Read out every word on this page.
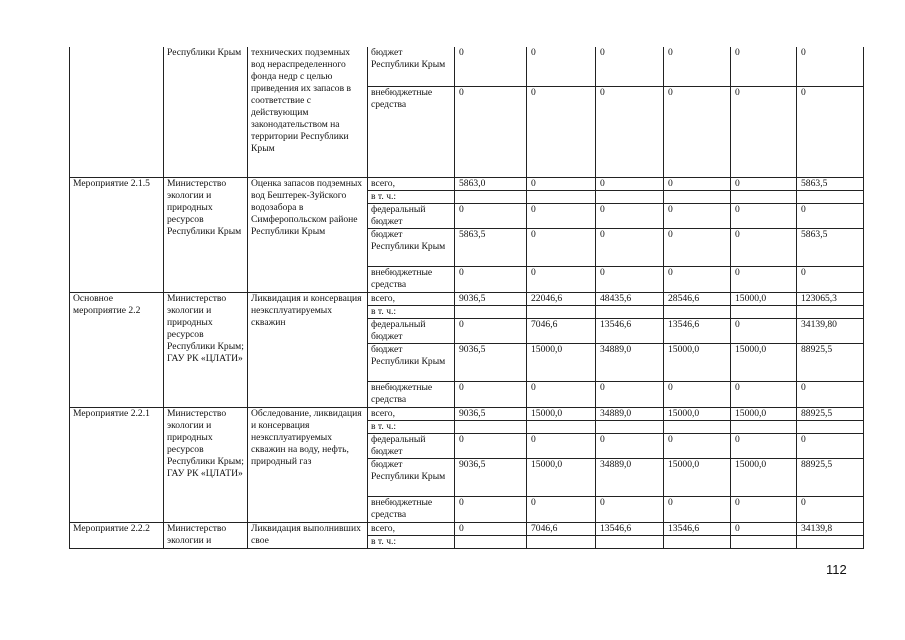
	Республики Крым	технических подземных вод нераспределенного фонда недр с целью приведения их запасов в соответствие с действующим законодательством на территории Республики Крым	бюджет Республики Крым	0	0	0	0	0	0
			внебюджетные средства	0	0	0	0	0	0
Мероприятие 2.1.5	Министерство экологии и природных ресурсов Республики Крым	Оценка запасов подземных вод Бештерек-Зуйского водозабора в Симферопольском районе Республики Крым	всего,	5863,0	0	0	0	0	5863,5
			в т. ч.:						
			федеральный бюджет	0	0	0	0	0	0
			бюджет Республики Крым	5863,5	0	0	0	0	5863,5
			внебюджетные средства	0	0	0	0	0	0
Основное мероприятие 2.2	Министерство экологии и природных ресурсов Республики Крым; ГАУ РК «ЦЛАТИ»	Ликвидация и консервация неэксплуатируемых скважин	всего,	9036,5	22046,6	48435,6	28546,6	15000,0	123065,3
			в т. ч.:						
			федеральный бюджет	0	7046,6	13546,6	13546,6	0	34139,80
			бюджет Республики Крым	9036,5	15000,0	34889,0	15000,0	15000,0	88925,5
			внебюджетные средства	0	0	0	0	0	0
Мероприятие 2.2.1	Министерство экологии и природных ресурсов Республики Крым; ГАУ РК «ЦЛАТИ»	Обследование, ликвидация и консервация неэксплуатируемых скважин на воду, нефть, природный газ	всего,	9036,5	15000,0	34889,0	15000,0	15000,0	88925,5
			в т. ч.:						
			федеральный бюджет	0	0	0	0	0	0
			бюджет Республики Крым	9036,5	15000,0	34889,0	15000,0	15000,0	88925,5
			внебюджетные средства	0	0	0	0	0	0
Мероприятие 2.2.2	Министерство экологии и	Ликвидация выполнивших свое	всего,	0	7046,6	13546,6	13546,6	0	34139,8
			в т. ч.:						
112
